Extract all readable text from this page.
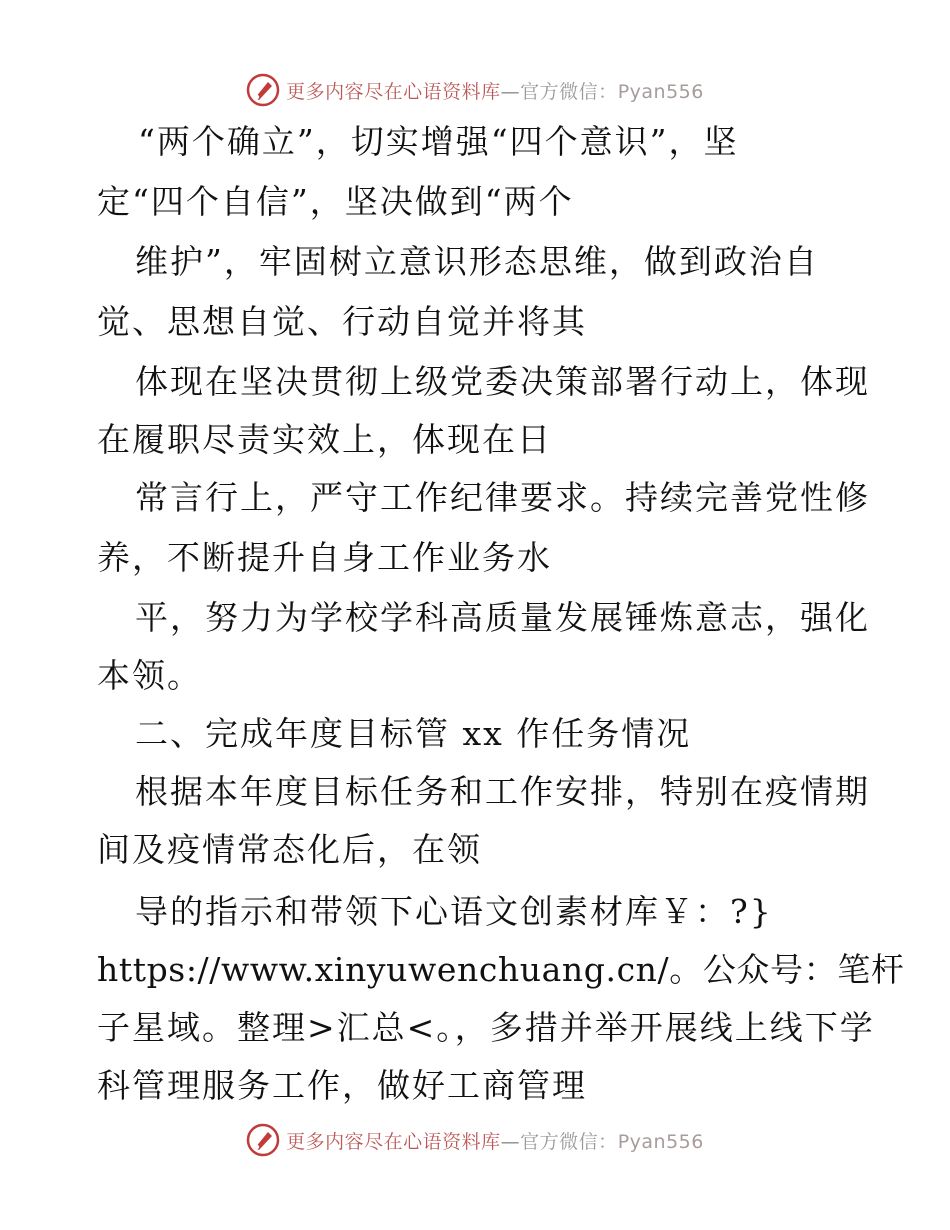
更多内容尽在心语资料库—官方微信：Pyan556
“两个确立”，切实增强“四个意识”，坚
定“四个自信”，坚决做到“两个
维护”，牢固树立意识形态思维，做到政治自
觉、思想自觉、行动自觉并将其
体现在坚决贯彻上级党委决策部署行动上，体现
在履职尽责实效上，体现在日
常言行上，严守工作纪律要求。持续完善党性修
养，不断提升自身工作业务水
平，努力为学校学科高质量发展锤炼意志，强化
本领。
二、完成年度目标管 xx 作任务情况
根据本年度目标任务和工作安排，特别在疫情期
间及疫情常态化后，在领
导的指示和带领下心语文创素材库￥：?}
https://www.xinyuwenchuang.cn/。公众号：笔杆
子星域。整理>汇总<。，多措并举开展线上线下学
科管理服务工作，做好工商管理
更多内容尽在心语资料库—官方微信：Pyan556
